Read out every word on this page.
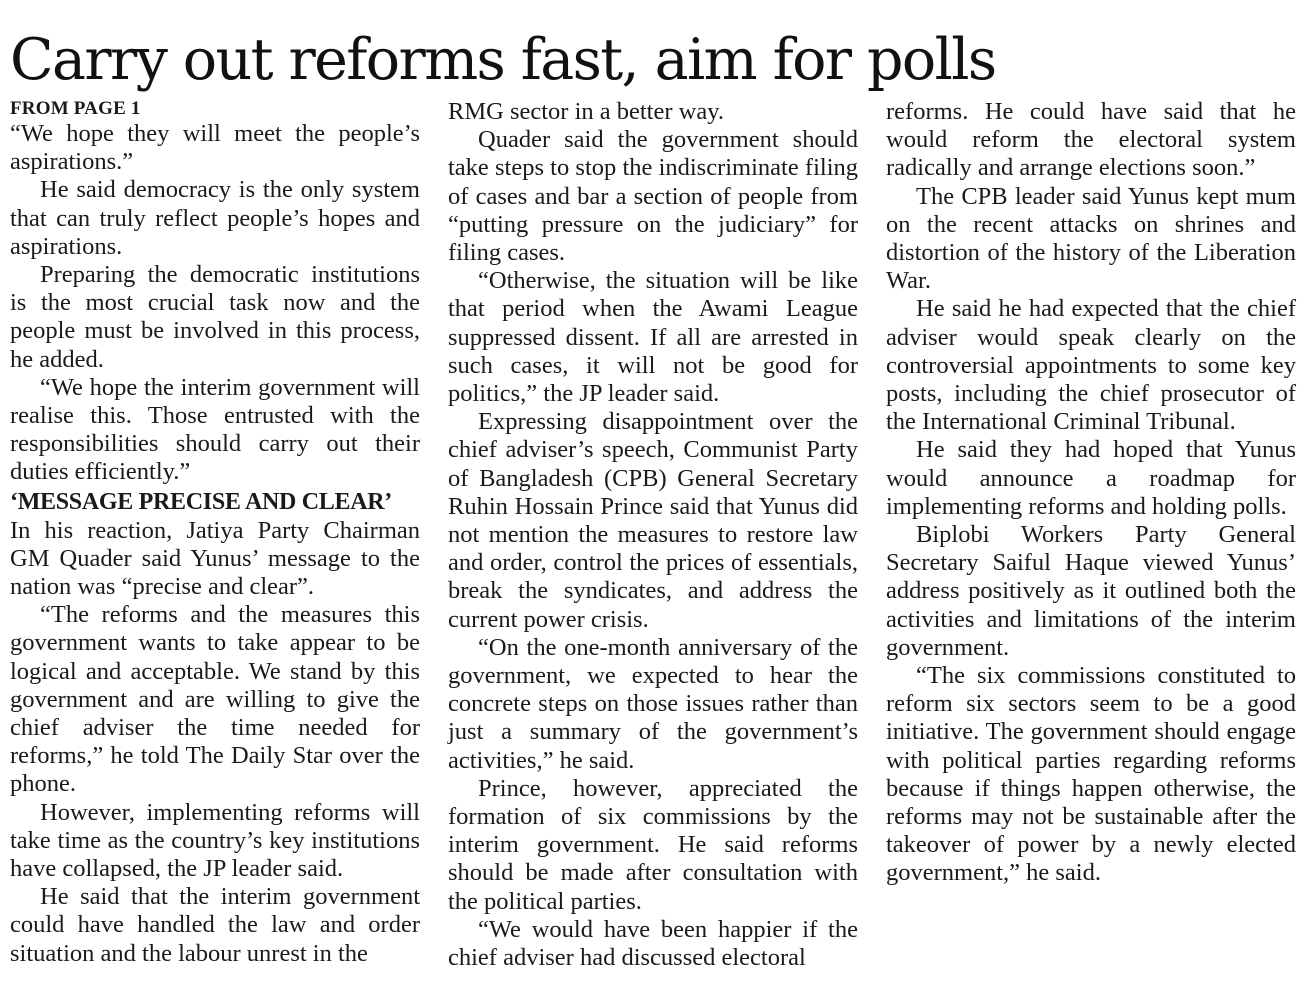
Carry out reforms fast, aim for polls
FROM PAGE 1

“We hope they will meet the people’s aspirations.”

He said democracy is the only system that can truly reflect people’s hopes and aspirations.

Preparing the democratic institutions is the most crucial task now and the people must be involved in this process, he added.

“We hope the interim government will realise this. Those entrusted with the responsibilities should carry out their duties efficiently.”

‘MESSAGE PRECISE AND CLEAR’

In his reaction, Jatiya Party Chairman GM Quader said Yunus’ message to the nation was “precise and clear”.

“The reforms and the measures this government wants to take appear to be logical and acceptable. We stand by this government and are willing to give the chief adviser the time needed for reforms,” he told The Daily Star over the phone.

However, implementing reforms will take time as the country’s key institutions have collapsed, the JP leader said.

He said that the interim government could have handled the law and order situation and the labour unrest in the

RMG sector in a better way.

Quader said the government should take steps to stop the indiscriminate filing of cases and bar a section of people from “putting pressure on the judiciary” for filing cases.

“Otherwise, the situation will be like that period when the Awami League suppressed dissent. If all are arrested in such cases, it will not be good for politics,” the JP leader said.

Expressing disappointment over the chief adviser’s speech, Communist Party of Bangladesh (CPB) General Secretary Ruhin Hossain Prince said that Yunus did not mention the measures to restore law and order, control the prices of essentials, break the syndicates, and address the current power crisis.

“On the one-month anniversary of the government, we expected to hear the concrete steps on those issues rather than just a summary of the government’s activities,” he said.

Prince, however, appreciated the formation of six commissions by the interim government. He said reforms should be made after consultation with the political parties.

“We would have been happier if the chief adviser had discussed electoral

reforms. He could have said that he would reform the electoral system radically and arrange elections soon.”

The CPB leader said Yunus kept mum on the recent attacks on shrines and distortion of the history of the Liberation War.

He said he had expected that the chief adviser would speak clearly on the controversial appointments to some key posts, including the chief prosecutor of the International Criminal Tribunal.

He said they had hoped that Yunus would announce a roadmap for implementing reforms and holding polls.

Biplobi Workers Party General Secretary Saiful Haque viewed Yunus’ address positively as it outlined both the activities and limitations of the interim government.

“The six commissions constituted to reform six sectors seem to be a good initiative. The government should engage with political parties regarding reforms because if things happen otherwise, the reforms may not be sustainable after the takeover of power by a newly elected government,” he said.
